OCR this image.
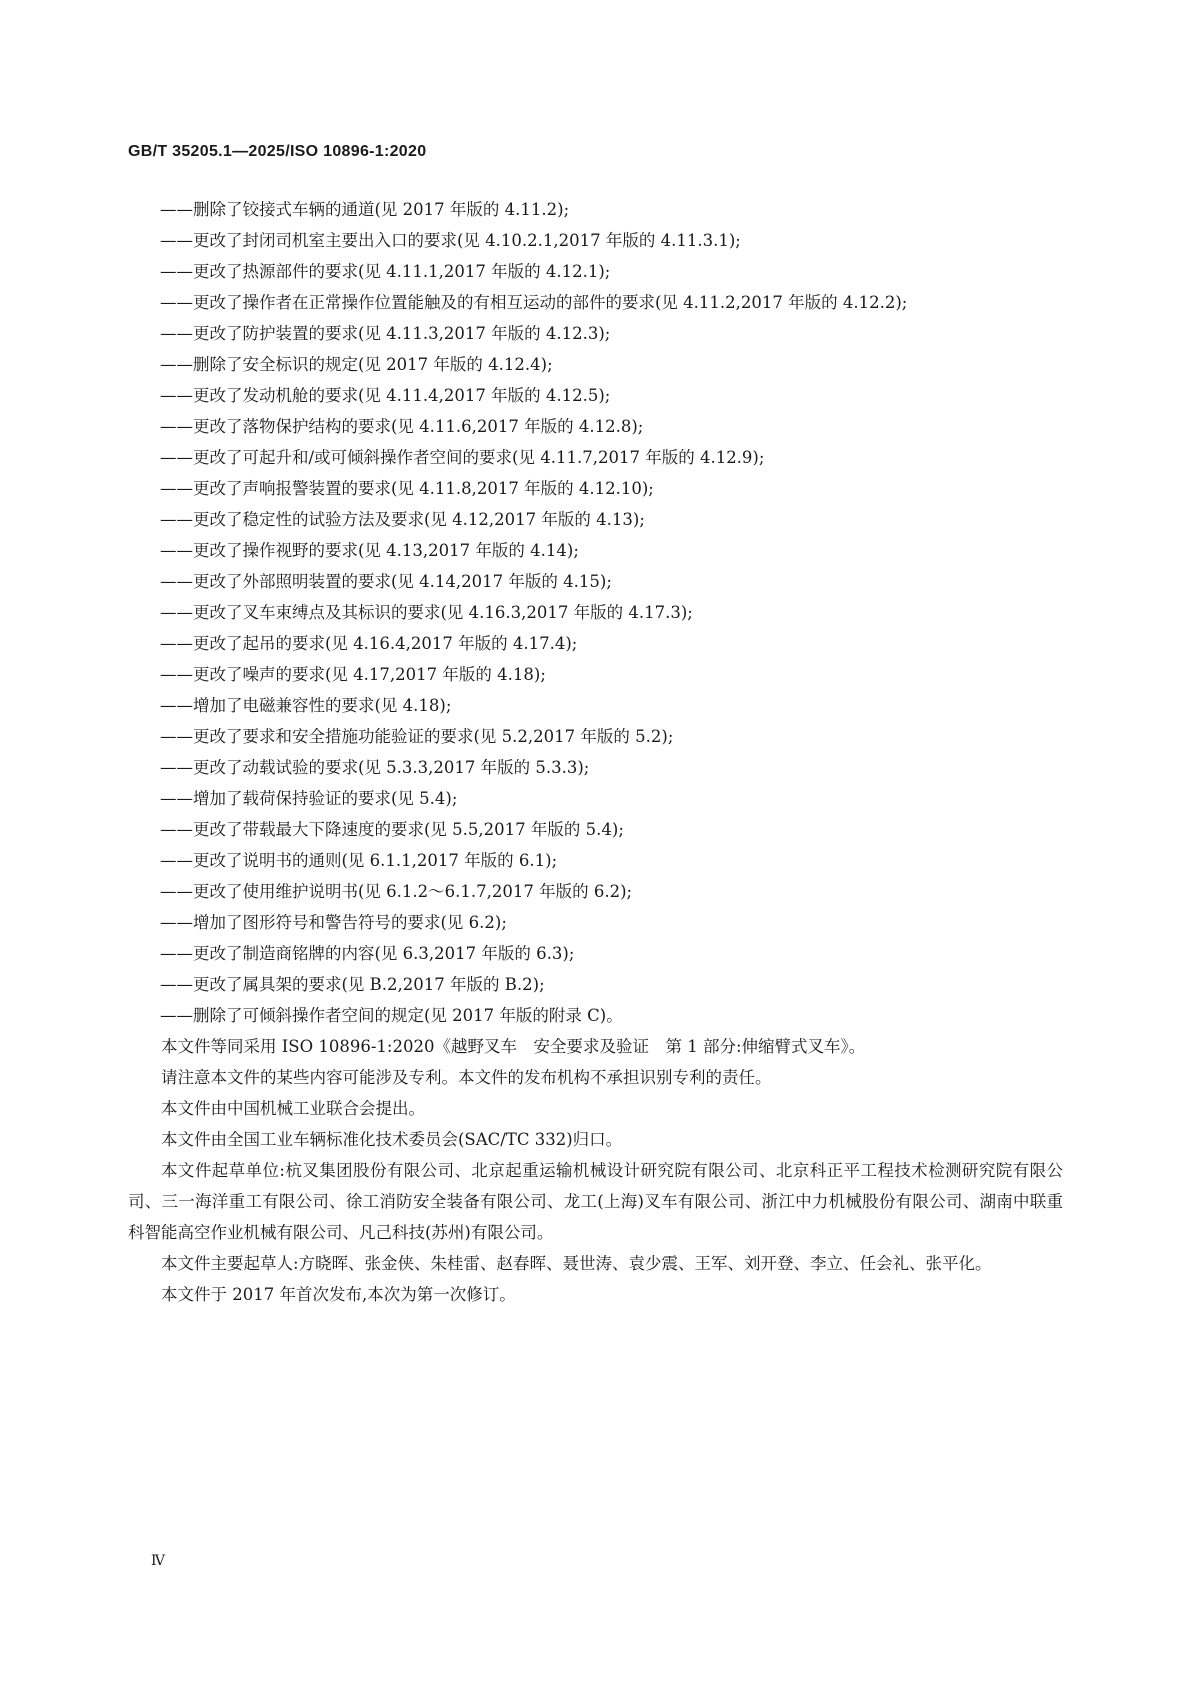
GB/T 35205.1—2025/ISO 10896-1:2020
——删除了铰接式车辆的通道(见 2017 年版的 4.11.2);
——更改了封闭司机室主要出入口的要求(见 4.10.2.1,2017 年版的 4.11.3.1);
——更改了热源部件的要求(见 4.11.1,2017 年版的 4.12.1);
——更改了操作者在正常操作位置能触及的有相互运动的部件的要求(见 4.11.2,2017 年版的 4.12.2);
——更改了防护装置的要求(见 4.11.3,2017 年版的 4.12.3);
——删除了安全标识的规定(见 2017 年版的 4.12.4);
——更改了发动机舱的要求(见 4.11.4,2017 年版的 4.12.5);
——更改了落物保护结构的要求(见 4.11.6,2017 年版的 4.12.8);
——更改了可起升和/或可倾斜操作者空间的要求(见 4.11.7,2017 年版的 4.12.9);
——更改了声响报警装置的要求(见 4.11.8,2017 年版的 4.12.10);
——更改了稳定性的试验方法及要求(见 4.12,2017 年版的 4.13);
——更改了操作视野的要求(见 4.13,2017 年版的 4.14);
——更改了外部照明装置的要求(见 4.14,2017 年版的 4.15);
——更改了叉车束缚点及其标识的要求(见 4.16.3,2017 年版的 4.17.3);
——更改了起吊的要求(见 4.16.4,2017 年版的 4.17.4);
——更改了噪声的要求(见 4.17,2017 年版的 4.18);
——增加了电磁兼容性的要求(见 4.18);
——更改了要求和安全措施功能验证的要求(见 5.2,2017 年版的 5.2);
——更改了动载试验的要求(见 5.3.3,2017 年版的 5.3.3);
——增加了载荷保持验证的要求(见 5.4);
——更改了带载最大下降速度的要求(见 5.5,2017 年版的 5.4);
——更改了说明书的通则(见 6.1.1,2017 年版的 6.1);
——更改了使用维护说明书(见 6.1.2～6.1.7,2017 年版的 6.2);
——增加了图形符号和警告符号的要求(见 6.2);
——更改了制造商铭牌的内容(见 6.3,2017 年版的 6.3);
——更改了属具架的要求(见 B.2,2017 年版的 B.2);
——删除了可倾斜操作者空间的规定(见 2017 年版的附录 C)。
本文件等同采用 ISO 10896-1:2020《越野叉车　安全要求及验证　第 1 部分:伸缩臂式叉车》。
请注意本文件的某些内容可能涉及专利。本文件的发布机构不承担识别专利的责任。
本文件由中国机械工业联合会提出。
本文件由全国工业车辆标准化技术委员会(SAC/TC 332)归口。
本文件起草单位:杭叉集团股份有限公司、北京起重运输机械设计研究院有限公司、北京科正平工程技术检测研究院有限公司、三一海洋重工有限公司、徐工消防安全装备有限公司、龙工(上海)叉车有限公司、浙江中力机械股份有限公司、湖南中联重科智能高空作业机械有限公司、凡己科技(苏州)有限公司。
本文件主要起草人:方晓晖、张金侠、朱桂雷、赵春晖、聂世涛、袁少震、王军、刘开登、李立、任会礼、张平化。
本文件于 2017 年首次发布,本次为第一次修订。
Ⅳ
